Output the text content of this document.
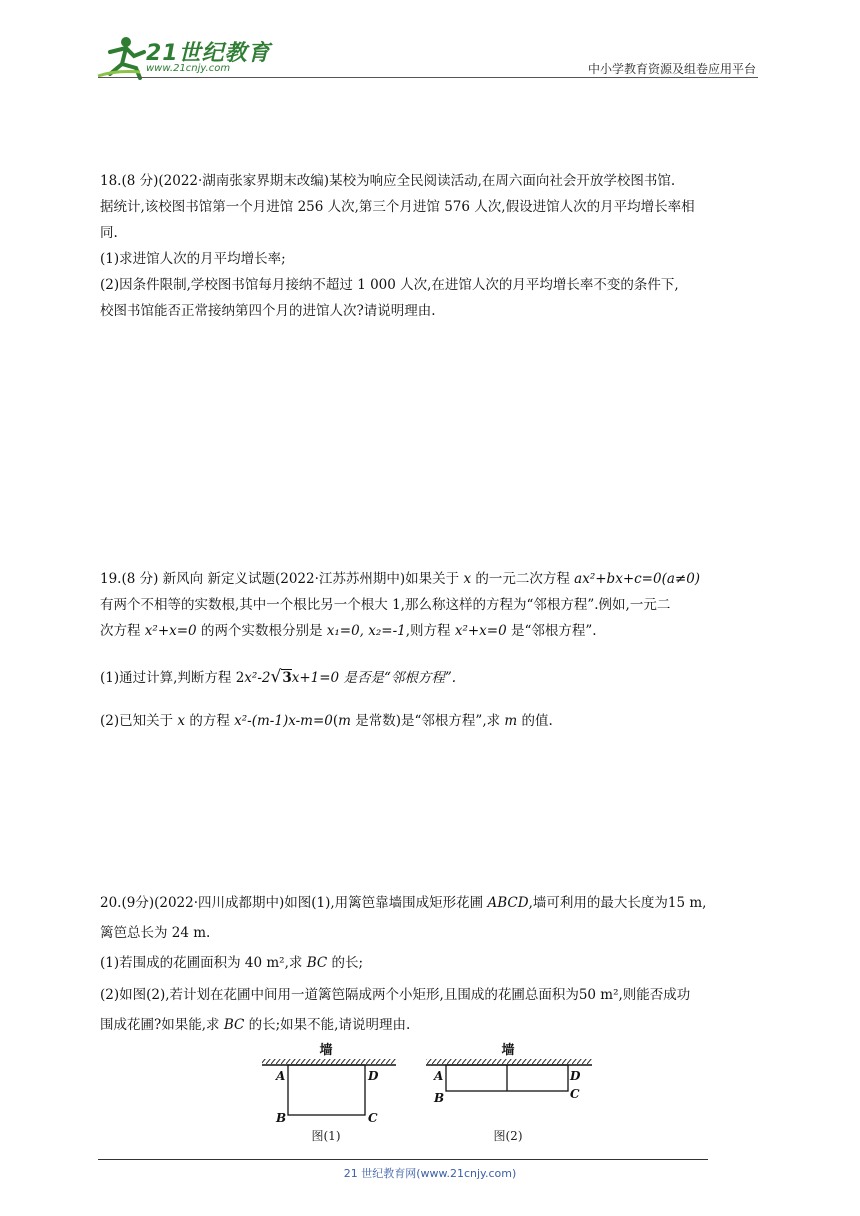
21世纪教育
www.21cnjy.com	中小学教育资源及组卷应用平台
18.(8 分)(2022·湖南张家界期末改编)某校为响应全民阅读活动,在周六面向社会开放学校图书馆.
据统计,该校图书馆第一个月进馆 256 人次,第三个月进馆 576 人次,假设进馆人次的月平均增长率相
同.
(1)求进馆人次的月平均增长率;
(2)因条件限制,学校图书馆每月接纳不超过 1 000 人次,在进馆人次的月平均增长率不变的条件下,
校图书馆能否正常接纳第四个月的进馆人次?请说明理由.
19.(8 分) 新风向 新定义试题(2022·江苏苏州期中)如果关于 x 的一元二次方程 ax²+bx+c=0(a≠0)
有两个不相等的实数根,其中一个根比另一个根大 1,那么称这样的方程为“邻根方程”.例如,一元二
次方程 x²+x=0 的两个实数根分别是 x₁=0, x₂=-1,则方程 x²+x=0 是“邻根方程”.
(1)通过计算,判断方程 2x²-2√3x+1=0 是否是“邻根方程”.
(2)已知关于 x 的方程 x²-(m-1)x-m=0(m 是常数)是“邻根方程”,求 m 的值.
20.(9分)(2022·四川成都期中)如图(1),用篱笆靠墙围成矩形花圃 ABCD,墙可利用的最大长度为15 m,
篱笆总长为 24 m.
(1)若围成的花圃面积为 40 m²,求 BC 的长;
(2)如图(2),若计划在花圃中间用一道篱笆隔成两个小矩形,且围成的花圃总面积为50 m²,则能否成功
围成花圃?如果能,求 BC 的长;如果不能,请说明理由.
墙
A	D
B	C
图(1)
墙
A	D
B	C
图(2)
21 世纪教育网(www.21cnjy.com)
